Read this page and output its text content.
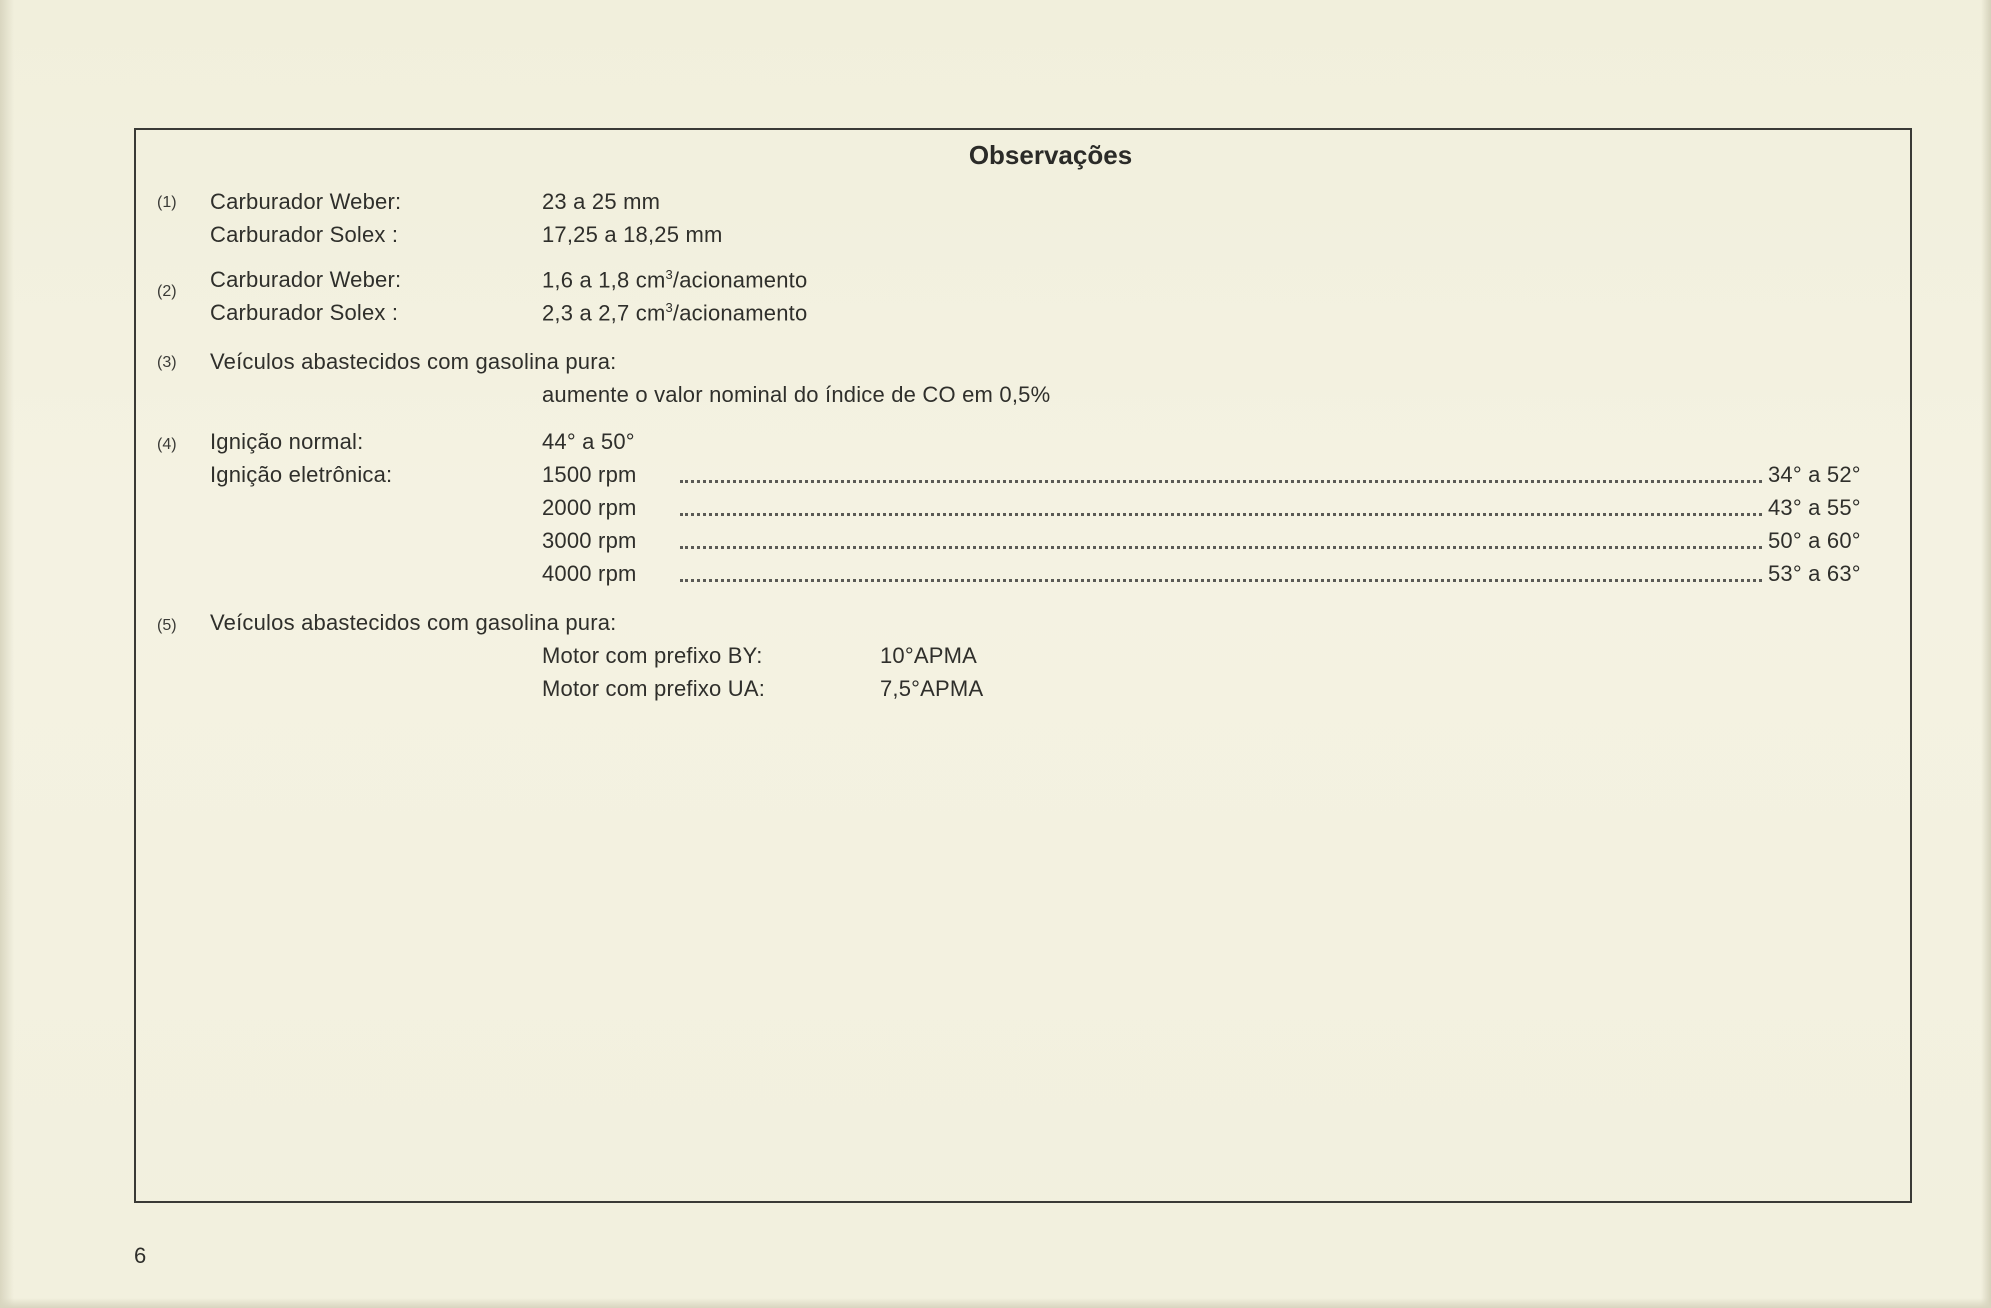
Observações
(1) Carburador Weber:	23 a 25 mm
Carburador Solex :	17,25 a 18,25 mm
(2) Carburador Weber:	1,6 a 1,8 $cm^3$/acionamento
Carburador Solex :	2,3 a 2,7 $cm^3$/acionamento
(3) Veículos abastecidos com gasolina pura:
aumente o valor nominal do índice de CO em 0,5%
(4) Ignição normal:	44° a 50°
Ignição eletrônica:	1500 rpm	34° a 52°
2000 rpm	43° a 55°
3000 rpm	50° a 60°
4000 rpm	53° a 63°
(5) Veículos abastecidos com gasolina pura:
Motor com prefixo BY:	10°APMA
Motor com prefixo UA:	7,5°APMA
6
